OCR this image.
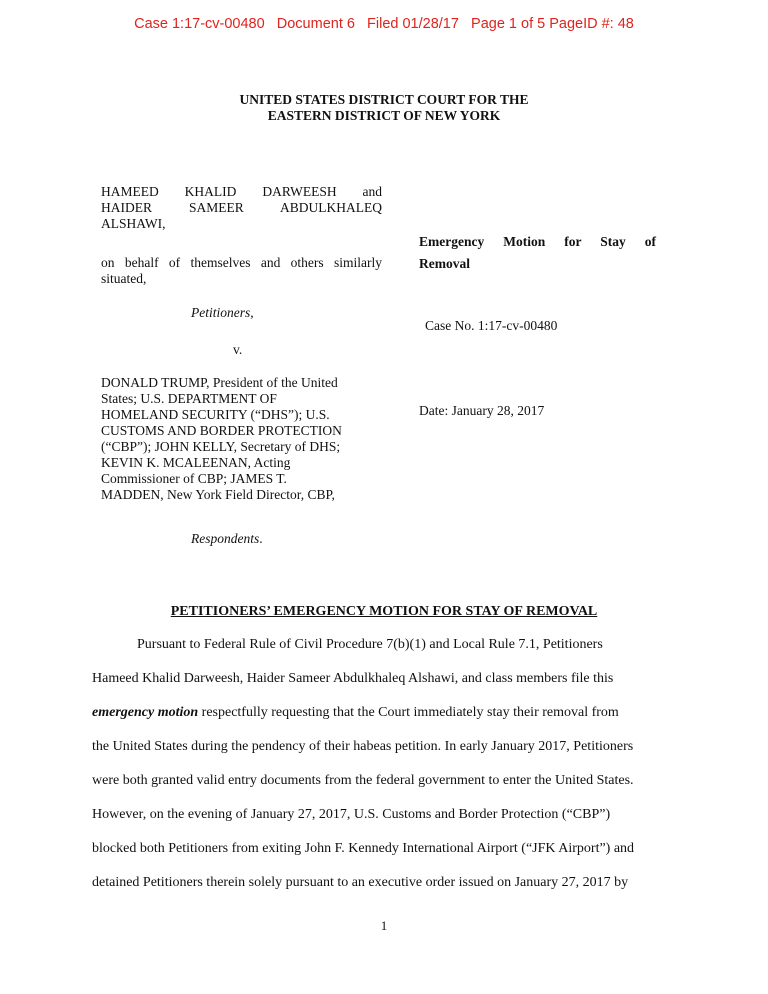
Case 1:17-cv-00480   Document 6   Filed 01/28/17   Page 1 of 5 PageID #: 48
UNITED STATES DISTRICT COURT FOR THE
EASTERN DISTRICT OF NEW YORK
HAMEED KHALID DARWEESH and
HAIDER SAMEER ABDULKHALEQ
ALSHAWI,
on behalf of themselves and others similarly
situated,
Petitioners,
v.
DONALD TRUMP, President of the United
States; U.S. DEPARTMENT OF
HOMELAND SECURITY (“DHS”); U.S.
CUSTOMS AND BORDER PROTECTION
(“CBP”); JOHN KELLY, Secretary of DHS;
KEVIN K. MCALEENAN, Acting
Commissioner of CBP; JAMES T.
MADDEN, New York Field Director, CBP,
Respondents.
Emergency Motion for Stay of
Removal
Case No. 1:17-cv-00480
Date: January 28, 2017
PETITIONERS’ EMERGENCY MOTION FOR STAY OF REMOVAL
Pursuant to Federal Rule of Civil Procedure 7(b)(1) and Local Rule 7.1, Petitioners
Hameed Khalid Darweesh, Haider Sameer Abdulkhaleq Alshawi, and class members file this
emergency motion respectfully requesting that the Court immediately stay their removal from
the United States during the pendency of their habeas petition. In early January 2017, Petitioners
were both granted valid entry documents from the federal government to enter the United States.
However, on the evening of January 27, 2017, U.S. Customs and Border Protection (“CBP”)
blocked both Petitioners from exiting John F. Kennedy International Airport (“JFK Airport”) and
detained Petitioners therein solely pursuant to an executive order issued on January 27, 2017 by
1
